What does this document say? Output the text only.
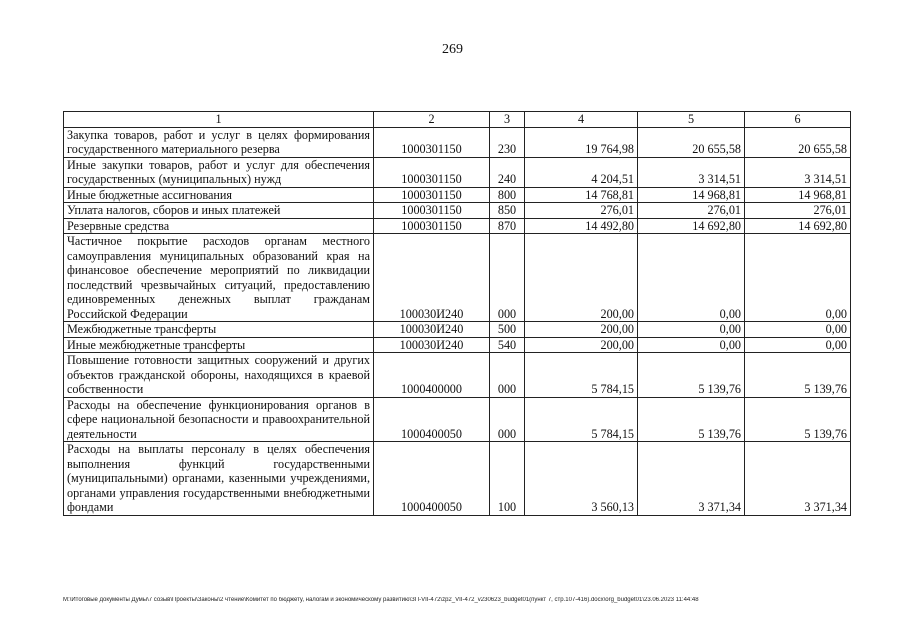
269
1	2	3	4	5	6
Закупка товаров, работ и услуг в целях формирования государственного материального резерва	1000301150	230	19 764,98	20 655,58	20 655,58
Иные закупки товаров, работ и услуг для обеспечения государственных (муниципальных) нужд	1000301150	240	4 204,51	3 314,51	3 314,51
Иные бюджетные ассигнования	1000301150	800	14 768,81	14 968,81	14 968,81
Уплата налогов, сборов и иных платежей	1000301150	850	276,01	276,01	276,01
Резервные средства	1000301150	870	14 492,80	14 692,80	14 692,80
Частичное покрытие расходов органам местного самоуправления муниципальных образований края на финансовое обеспечение мероприятий по ликвидации последствий чрезвычайных ситуаций, предоставлению единовременных денежных выплат гражданам Российской Федерации	100030И240	000	200,00	0,00	0,00
Межбюджетные трансферты	100030И240	500	200,00	0,00	0,00
Иные межбюджетные трансферты	100030И240	540	200,00	0,00	0,00
Повышение готовности защитных сооружений и других объектов гражданской обороны, находящихся в краевой собственности	1000400000	000	5 784,15	5 139,76	5 139,76
Расходы на обеспечение функционирования органов в сфере национальной безопасности и правоохранительной деятельности	1000400050	000	5 784,15	5 139,76	5 139,76
Расходы на выплаты персоналу в целях обеспечения выполнения функций государственными (муниципальными) органами, казенными учреждениями, органами управления государственными внебюджетными фондами	1000400050	100	3 560,13	3 371,34	3 371,34
M:\Итоговые документы Думы\7 созыв\Проекты\Законы\2 чтение\Комитет по бюджету, налогам и экономическому развитию\ЗП-VII-472\zp2_VII-472_v230623_budget01(пункт 7, стр.107-416).docx\org_budget01\23.06.2023 11:44:48
